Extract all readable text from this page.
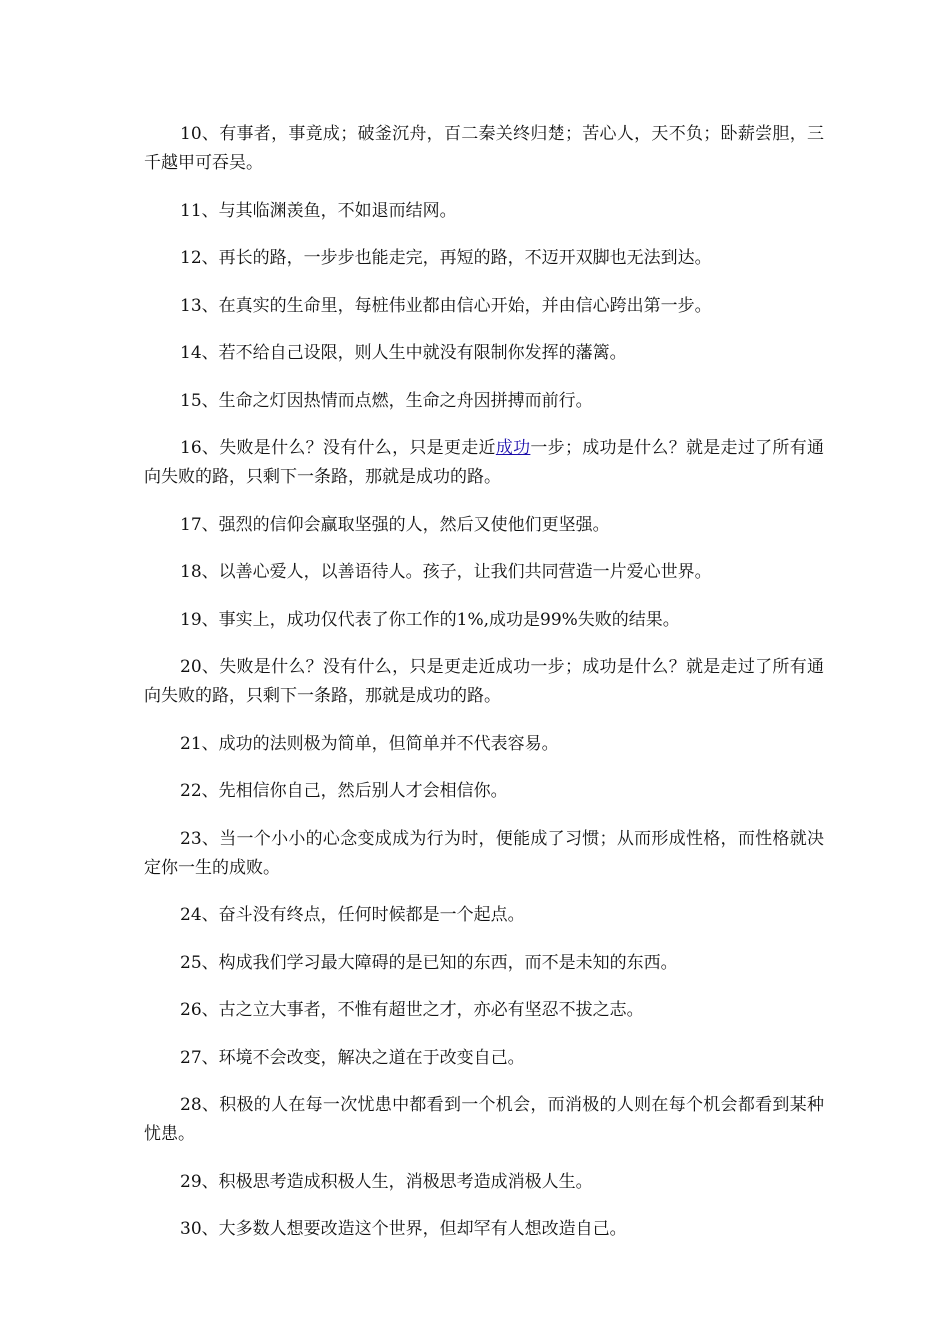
10、有事者，事竟成；破釜沉舟，百二秦关终归楚；苦心人，天不负；卧薪尝胆，三千越甲可吞吴。

11、与其临渊羡鱼，不如退而结网。

12、再长的路，一步步也能走完，再短的路，不迈开双脚也无法到达。

13、在真实的生命里，每桩伟业都由信心开始，并由信心跨出第一步。

14、若不给自己设限，则人生中就没有限制你发挥的藩篱。

15、生命之灯因热情而点燃，生命之舟因拼搏而前行。

16、失败是什么？没有什么，只是更走近成功一步；成功是什么？就是走过了所有通向失败的路，只剩下一条路，那就是成功的路。

17、强烈的信仰会赢取坚强的人，然后又使他们更坚强。

18、以善心爱人，以善语待人。孩子，让我们共同营造一片爱心世界。

19、事实上，成功仅代表了你工作的1%,成功是99%失败的结果。

20、失败是什么？没有什么，只是更走近成功一步；成功是什么？就是走过了所有通向失败的路，只剩下一条路，那就是成功的路。

21、成功的法则极为简单，但简单并不代表容易。

22、先相信你自己，然后别人才会相信你。

23、当一个小小的心念变成成为行为时，便能成了习惯；从而形成性格，而性格就决定你一生的成败。

24、奋斗没有终点，任何时候都是一个起点。

25、构成我们学习最大障碍的是已知的东西，而不是未知的东西。

26、古之立大事者，不惟有超世之才，亦必有坚忍不拔之志。

27、环境不会改变，解决之道在于改变自己。

28、积极的人在每一次忧患中都看到一个机会，而消极的人则在每个机会都看到某种忧患。

29、积极思考造成积极人生，消极思考造成消极人生。

30、大多数人想要改造这个世界，但却罕有人想改造自己。
